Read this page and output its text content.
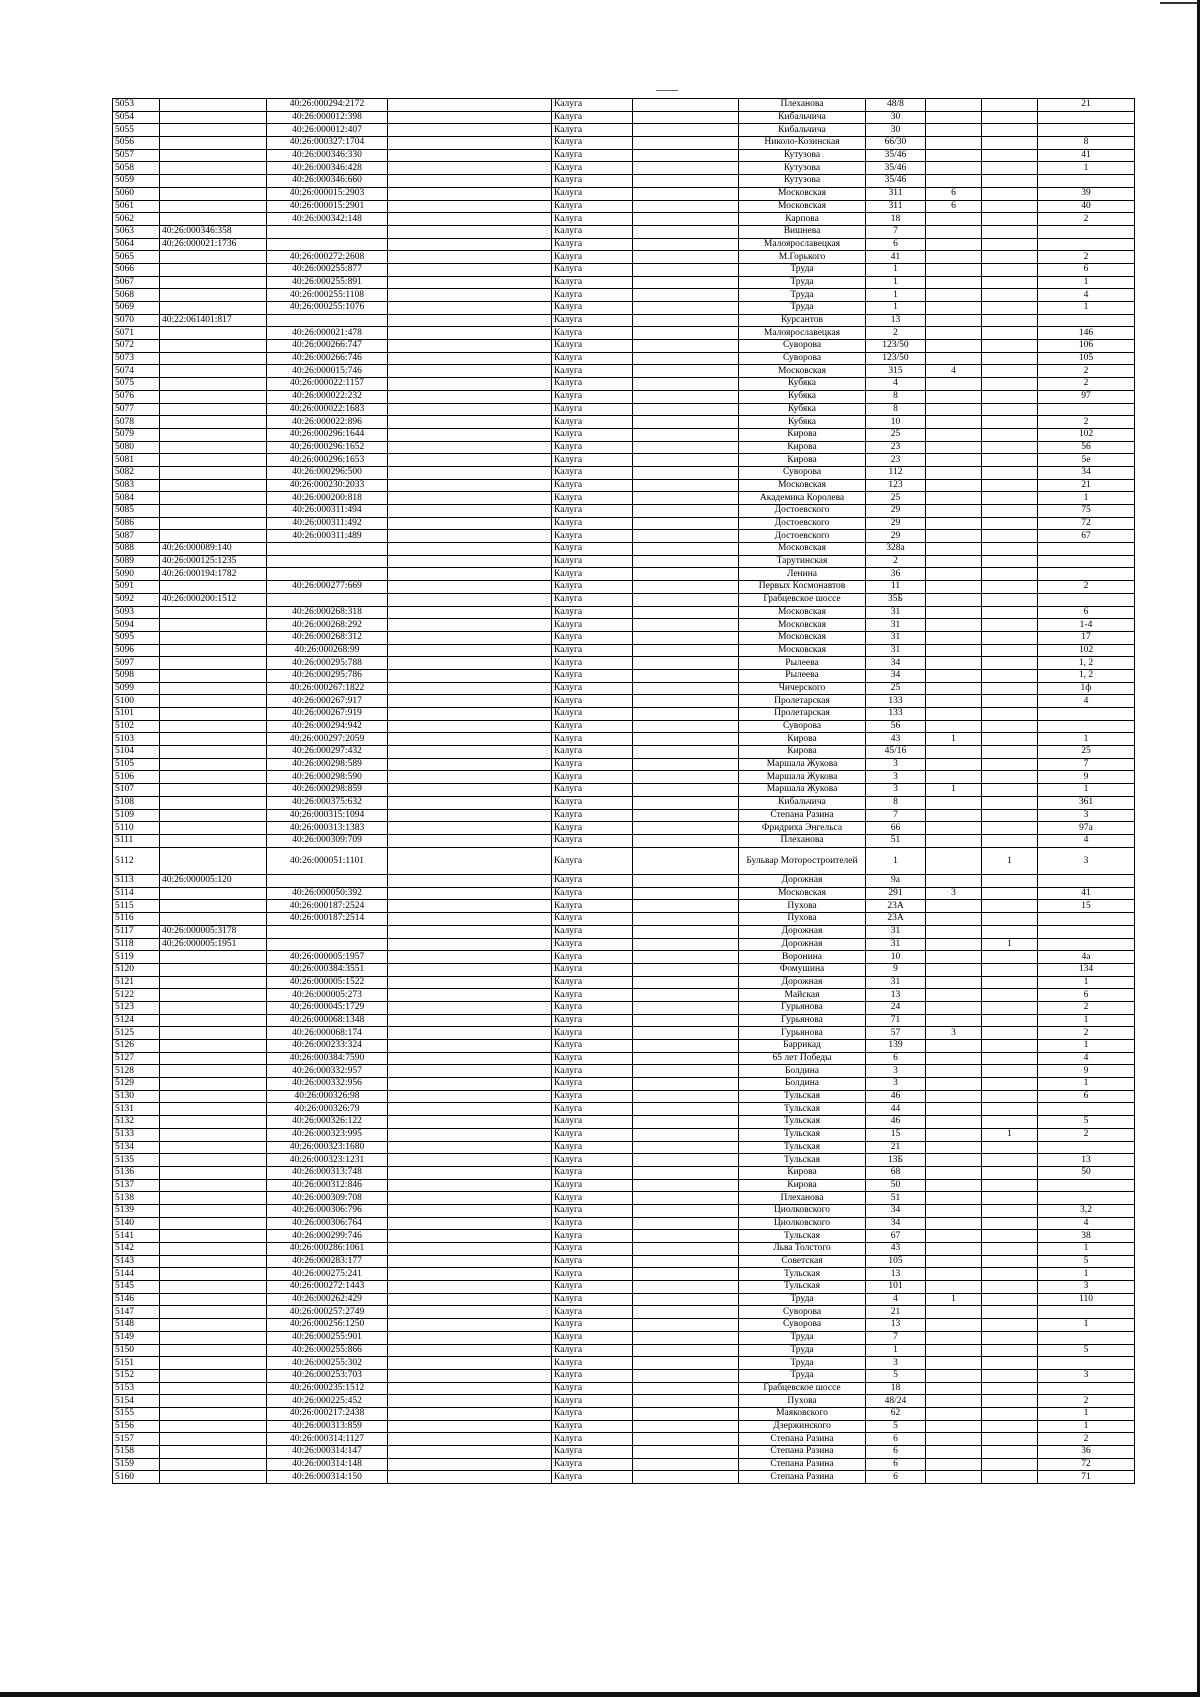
5053		40:26:000294:2172		Калуга		Плеханова	48/8			21
5054		40:26:000012:398		Калуга		Кибальчича	30			
5055		40:26:000012:407		Калуга		Кибальчича	30			
5056		40:26:000327:1704		Калуга		Николо-Козинская	66/30			8
5057		40:26:000346:330		Калуга		Кутузова	35/46			41
5058		40:26:000346:428		Калуга		Кутузова	35/46			1
5059		40:26:000346:660		Калуга		Кутузова	35/46			
5060		40:26:000015:2903		Калуга		Московская	311	6		39
5061		40:26:000015:2901		Калуга		Московская	311	6		40
5062		40:26:000342:148		Калуга		Карпова	18			2
5063	40:26:000346:358			Калуга		Вишнева	7			
5064	40:26:000021:1736			Калуга		Малоярославецкая	6			
5065		40:26:000272:2608		Калуга		М.Горького	41			2
5066		40:26:000255:877		Калуга		Труда	1			6
5067		40:26:000255:891		Калуга		Труда	1			1
5068		40:26:000255:1108		Калуга		Труда	1			4
5069		40:26:000255:1076		Калуга		Труда	1			1
5070	40:22:061401:817			Калуга		Курсантов	13			
5071		40:26:000021:478		Калуга		Малоярославецкая	2			146
5072		40:26:000266:747		Калуга		Суворова	123/50			106
5073		40:26:000266:746		Калуга		Суворова	123/50			105
5074		40:26:000015:746		Калуга		Московская	315	4		2
5075		40:26:000022:1157		Калуга		Кубяка	4			2
5076		40:26:000022:232		Калуга		Кубяка	8			97
5077		40:26:000022:1683		Калуга		Кубяка	8			
5078		40:26:000022:896		Калуга		Кубяка	10			2
5079		40:26:000296:1644		Калуга		Кирова	25			102
5080		40:26:000296:1652		Калуга		Кирова	23			56
5081		40:26:000296:1653		Калуга		Кирова	23			5е
5082		40:26:000296:500		Калуга		Суворова	112			34
5083		40:26:000230:2033		Калуга		Московская	123			21
5084		40:26:000200:818		Калуга		Академика Королева	25			1
5085		40:26:000311:494		Калуга		Достоевского	29			75
5086		40:26:000311:492		Калуга		Достоевского	29			72
5087		40:26:000311:489		Калуга		Достоевского	29			67
5088	40:26:000089:140			Калуга		Московская	328а			
5089	40:26:000125:1235			Калуга		Тарутинская	2			
5090	40:26:000194:1782			Калуга		Ленина	36			
5091		40:26:000277:669		Калуга		Первых Космонавтов	11			2
5092	40:26:000200:1512			Калуга		Грабцевское шоссе	35Б			
5093		40:26:000268:318		Калуга		Московская	31			6
5094		40:26:000268:292		Калуга		Московская	31			1-4
5095		40:26:000268:312		Калуга		Московская	31			17
5096		40:26:000268:99		Калуга		Московская	31			102
5097		40:26:000295:788		Калуга		Рылеева	34			1, 2
5098		40:26:000295:786		Калуга		Рылеева	34			1, 2
5099		40:26:000267:1822		Калуга		Чичерского	25			1ф
5100		40:26:000267:917		Калуга		Пролетарская	133			4
5101		40:26:000267:919		Калуга		Пролетарская	133			
5102		40:26:000294:942		Калуга		Суворова	56			
5103		40:26:000297:2059		Калуга		Кирова	43	1		1
5104		40:26:000297:432		Калуга		Кирова	45/16			25
5105		40:26:000298:589		Калуга		Маршала Жукова	3			7
5106		40:26:000298:590		Калуга		Маршала Жукова	3			9
5107		40:26:000298:859		Калуга		Маршала Жукова	3	1		1
5108		40:26:000375:632		Калуга		Кибальчича	8			361
5109		40:26:000315:1094		Калуга		Степана Разина	7			3
5110		40:26:000313:1383		Калуга		Фридриха Энгельса	66			97а
5111		40:26:000309:709		Калуга		Плеханова	51			4
5112		40:26:000051:1101		Калуга		Бульвар Моторостроителей	1		1	3
5113	40:26:000005:120			Калуга		Дорожная	9а			
5114		40:26:000050:392		Калуга		Московская	291	3		41
5115		40:26:000187:2524		Калуга		Пухова	23А			15
5116		40:26:000187:2514		Калуга		Пухова	23А			
5117	40:26:000005:3178			Калуга		Дорожная	31			
5118	40:26:000005:1951			Калуга		Дорожная	31		1	
5119		40:26:000005:1957		Калуга		Воронина	10			4а
5120		40:26:000384:3551		Калуга		Фомушина	9			134
5121		40:26:000005:1522		Калуга		Дорожная	31			1
5122		40:26:000005:273		Калуга		Майская	13			6
5123		40:26:000045:1729		Калуга		Гурьянова	24			2
5124		40:26:000068:1348		Калуга		Гурьянова	71			1
5125		40:26:000068:174		Калуга		Гурьянова	57	3		2
5126		40:26:000233:324		Калуга		Баррикад	139			1
5127		40:26:000384:7590		Калуга		65 лет Победы	6			4
5128		40:26:000332:957		Калуга		Болдина	3			9
5129		40:26:000332:956		Калуга		Болдина	3			1
5130		40:26:000326:98		Калуга		Тульская	46			6
5131		40:26:000326:79		Калуга		Тульская	44			
5132		40:26:000326:122		Калуга		Тульская	46			5
5133		40:26:000323:995		Калуга		Тульская	15		1	2
5134		40:26:000323:1680		Калуга		Тульская	21			
5135		40:26:000323:1231		Калуга		Тульская	13Б			13
5136		40:26:000313:748		Калуга		Кирова	68			50
5137		40:26:000312:846		Калуга		Кирова	50			
5138		40:26:000309:708		Калуга		Плеханова	51			
5139		40:26:000306:796		Калуга		Циолковского	34			3,2
5140		40:26:000306:764		Калуга		Циолковского	34			4
5141		40:26:000299:746		Калуга		Тульская	67			38
5142		40:26:000286:1061		Калуга		Льва Толстого	43			1
5143		40:26:000283:177		Калуга		Советская	105			5
5144		40:26:000275:241		Калуга		Тульская	13			1
5145		40:26:000272:1443		Калуга		Тульская	101			3
5146		40:26:000262:429		Калуга		Труда	4	1		110
5147		40:26:000257:2749		Калуга		Суворова	21			
5148		40:26:000256:1250		Калуга		Суворова	13			1
5149		40:26:000255:901		Калуга		Труда	7			
5150		40:26:000255:866		Калуга		Труда	1			5
5151		40:26:000255:302		Калуга		Труда	3			
5152		40:26:000253:703		Калуга		Труда	5			3
5153		40:26:000235:1512		Калуга		Грабцевское шоссе	18			
5154		40:26:000225:452		Калуга		Пухова	48/24			2
5155		40:26:000217:2438		Калуга		Маяковского	62			1
5156		40:26:000313:859		Калуга		Дзержинского	5			1
5157		40:26:000314:1127		Калуга		Степана Разина	6			2
5158		40:26:000314:147		Калуга		Степана Разина	6			36
5159		40:26:000314:148		Калуга		Степана Разина	6			72
5160		40:26:000314:150		Калуга		Степана Разина	6			71
